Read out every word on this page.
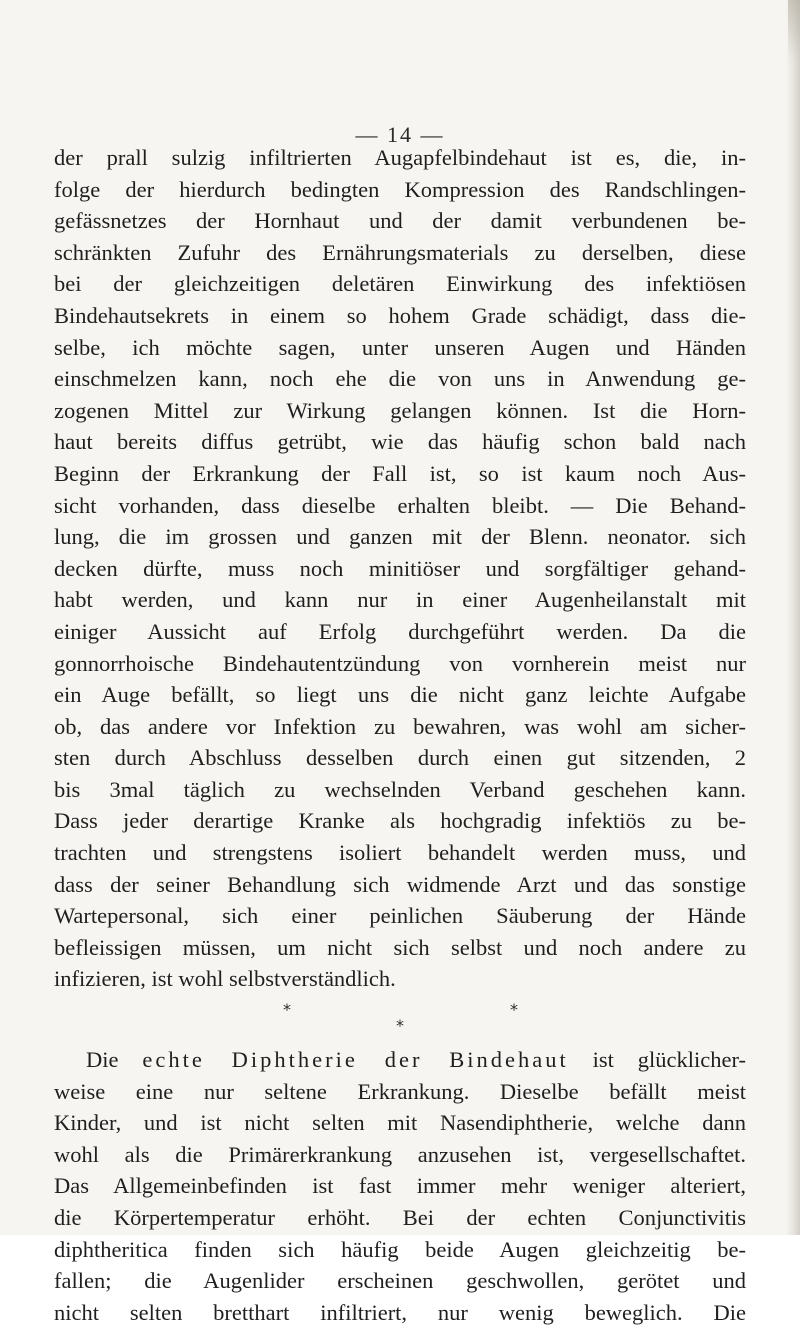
— 14 —
der prall sulzig infiltrierten Augapfelbindehaut ist es, die, in-
folge der hierdurch bedingten Kompression des Randschlingen-
gefässnetzes der Hornhaut und der damit verbundenen be-
schränkten Zufuhr des Ernährungsmaterials zu derselben, diese
bei der gleichzeitigen deletären Einwirkung des infektiösen
Bindehautsekrets in einem so hohem Grade schädigt, dass die-
selbe, ich möchte sagen, unter unseren Augen und Händen
einschmelzen kann, noch ehe die von uns in Anwendung ge-
zogenen Mittel zur Wirkung gelangen können. Ist die Horn-
haut bereits diffus getrübt, wie das häufig schon bald nach
Beginn der Erkrankung der Fall ist, so ist kaum noch Aus-
sicht vorhanden, dass dieselbe erhalten bleibt. — Die Behand-
lung, die im grossen und ganzen mit der Blenn. neonator. sich
decken dürfte, muss noch minitiöser und sorgfältiger gehand-
habt werden, und kann nur in einer Augenheilanstalt mit
einiger Aussicht auf Erfolg durchgeführt werden. Da die
gonnorrhoische Bindehautentzündung von vornherein meist nur
ein Auge befällt, so liegt uns die nicht ganz leichte Aufgabe
ob, das andere vor Infektion zu bewahren, was wohl am sicher-
sten durch Abschluss desselben durch einen gut sitzenden, 2
bis 3mal täglich zu wechselnden Verband geschehen kann.
Dass jeder derartige Kranke als hochgradig infektiös zu be-
trachten und strengstens isoliert behandelt werden muss, und
dass der seiner Behandlung sich widmende Arzt und das sonstige
Wartepersonal, sich einer peinlichen Säuberung der Hände
befleissigen müssen, um nicht sich selbst und noch andere zu
infizieren, ist wohl selbstverständlich.
*	*
*
Die echte Diphtherie der Bindehaut ist glücklicher-
weise eine nur seltene Erkrankung. Dieselbe befällt meist
Kinder, und ist nicht selten mit Nasendiphtherie, welche dann
wohl als die Primärerkrankung anzusehen ist, vergesellschaftet.
Das Allgemeinbefinden ist fast immer mehr weniger alteriert,
die Körpertemperatur erhöht. Bei der echten Conjunctivitis
diphtheritica finden sich häufig beide Augen gleichzeitig be-
fallen; die Augenlider erscheinen geschwollen, gerötet und
nicht selten bretthart infiltriert, nur wenig beweglich. Die
